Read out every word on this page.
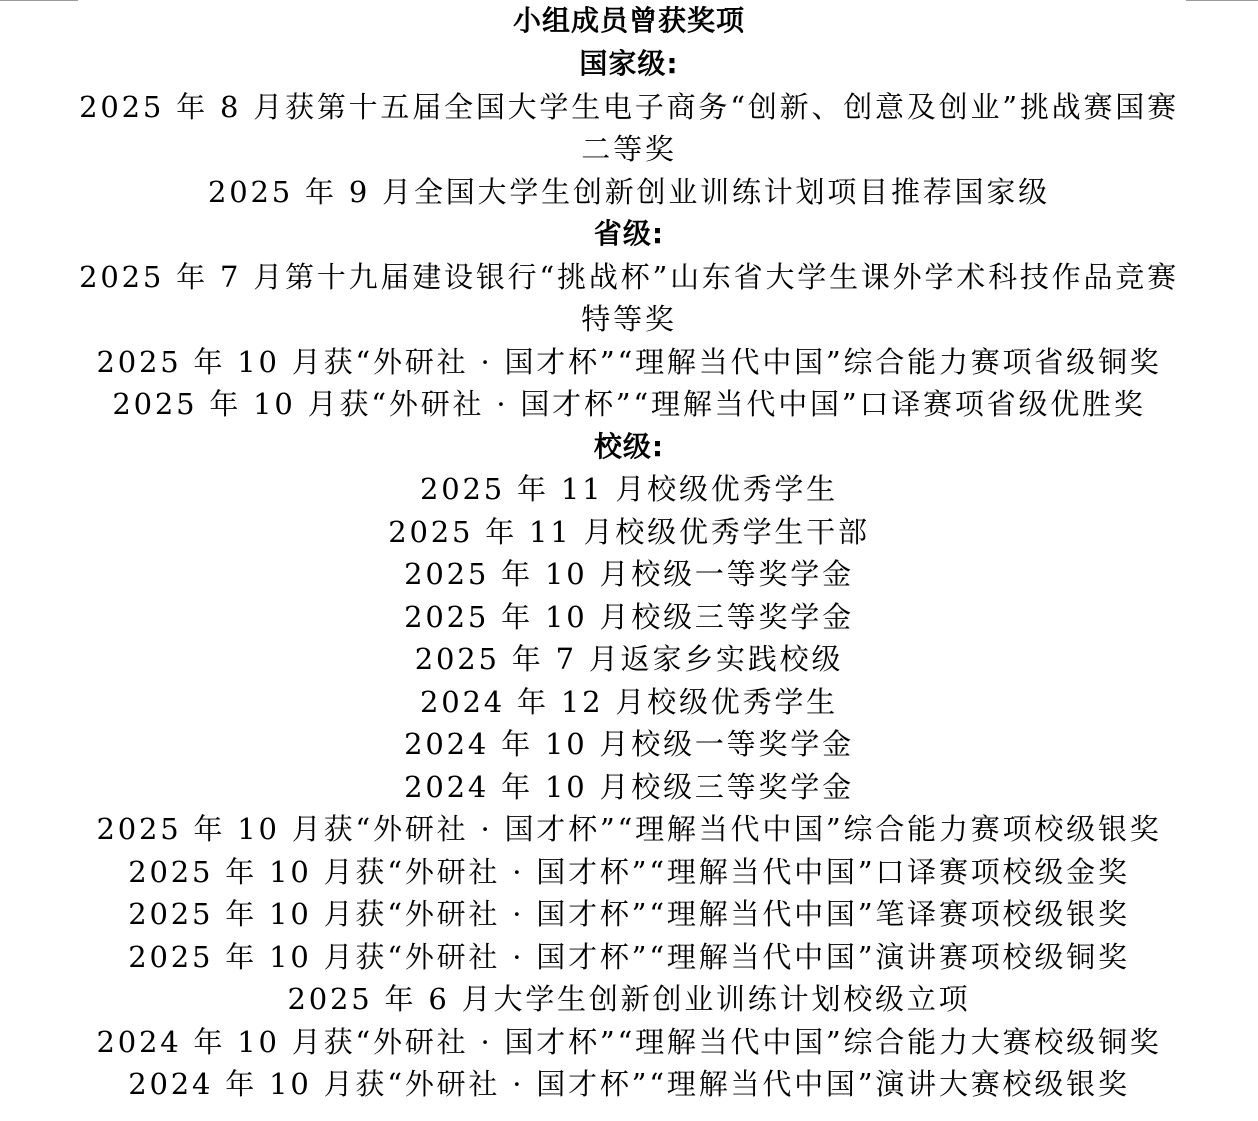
小组成员曾获奖项
国家级:
2025 年 8 月获第十五届全国大学生电子商务“创新、创意及创业”挑战赛国赛二等奖
2025 年 9 月全国大学生创新创业训练计划项目推荐国家级
省级:
2025 年 7 月第十九届建设银行“挑战杯”山东省大学生课外学术科技作品竞赛特等奖
2025 年 10 月获“外研社 · 国才杯”“理解当代中国”综合能力赛项省级铜奖
2025 年 10 月获“外研社 · 国才杯”“理解当代中国”口译赛项省级优胜奖
校级:
2025 年 11 月校级优秀学生
2025 年 11 月校级优秀学生干部
2025 年 10 月校级一等奖学金
2025 年 10 月校级三等奖学金
2025 年 7 月返家乡实践校级
2024 年 12 月校级优秀学生
2024 年 10 月校级一等奖学金
2024 年 10 月校级三等奖学金
2025 年 10 月获“外研社 · 国才杯”“理解当代中国”综合能力赛项校级银奖
2025 年 10 月获“外研社 · 国才杯”“理解当代中国”口译赛项校级金奖
2025 年 10 月获“外研社 · 国才杯”“理解当代中国”笔译赛项校级银奖
2025 年 10 月获“外研社 · 国才杯”“理解当代中国”演讲赛项校级铜奖
2025 年 6 月大学生创新创业训练计划校级立项
2024 年 10 月获“外研社 · 国才杯”“理解当代中国”综合能力大赛校级铜奖
2024 年 10 月获“外研社 · 国才杯”“理解当代中国”演讲大赛校级银奖
